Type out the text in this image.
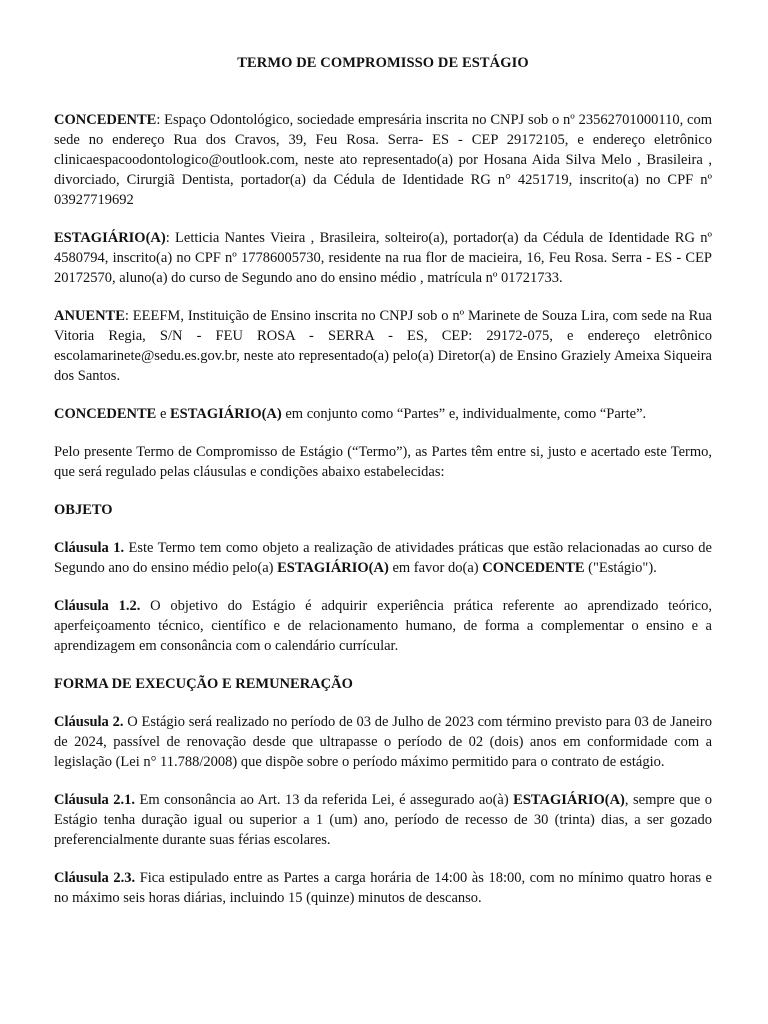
TERMO DE COMPROMISSO DE ESTÁGIO

CONCEDENTE: Espaço Odontológico, sociedade empresária inscrita no CNPJ sob o nº 23562701000110, com sede no endereço Rua dos Cravos, 39, Feu Rosa. Serra- ES - CEP 29172105, e endereço eletrônico clinicaespacoodontologico@outlook.com, neste ato representado(a) por Hosana Aida Silva Melo , Brasileira , divorciado, Cirurgiã Dentista, portador(a) da Cédula de Identidade RG n° 4251719, inscrito(a) no CPF nº 03927719692

ESTAGIÁRIO(A): Letticia Nantes Vieira , Brasileira, solteiro(a), portador(a) da Cédula de Identidade RG nº 4580794, inscrito(a) no CPF nº 17786005730, residente na rua flor de macieira, 16, Feu Rosa. Serra - ES - CEP 20172570, aluno(a) do curso de Segundo ano do ensino médio , matrícula nº 01721733.

ANUENTE: EEEFM, Instituição de Ensino inscrita no CNPJ sob o nº Marinete de Souza Lira, com sede na Rua Vitoria Regia, S/N - FEU ROSA - SERRA - ES, CEP: 29172-075, e endereço eletrônico escolamarinete@sedu.es.gov.br, neste ato representado(a) pelo(a) Diretor(a) de Ensino Graziely Ameixa Siqueira dos Santos.

CONCEDENTE e ESTAGIÁRIO(A) em conjunto como “Partes” e, individualmente, como “Parte”.

Pelo presente Termo de Compromisso de Estágio (“Termo”), as Partes têm entre si, justo e acertado este Termo, que será regulado pelas cláusulas e condições abaixo estabelecidas:

OBJETO

Cláusula 1. Este Termo tem como objeto a realização de atividades práticas que estão relacionadas ao curso de Segundo ano do ensino médio pelo(a) ESTAGIÁRIO(A) em favor do(a) CONCEDENTE ("Estágio").

Cláusula 1.2. O objetivo do Estágio é adquirir experiência prática referente ao aprendizado teórico, aperfeiçoamento técnico, científico e de relacionamento humano, de forma a complementar o ensino e a aprendizagem em consonância com o calendário currícular.

FORMA DE EXECUÇÃO E REMUNERAÇÃO

Cláusula 2. O Estágio será realizado no período de 03 de Julho de 2023 com término previsto para 03 de Janeiro de 2024, passível de renovação desde que ultrapasse o período de 02 (dois) anos em conformidade com a legislação (Lei n° 11.788/2008) que dispõe sobre o período máximo permitido para o contrato de estágio.

Cláusula 2.1. Em consonância ao Art. 13 da referida Lei, é assegurado ao(à) ESTAGIÁRIO(A), sempre que o Estágio tenha duração igual ou superior a 1 (um) ano, período de recesso de 30 (trinta) dias, a ser gozado preferencialmente durante suas férias escolares.

Cláusula 2.3. Fica estipulado entre as Partes a carga horária de 14:00 às 18:00, com no mínimo quatro horas e no máximo seis horas diárias, incluindo 15 (quinze) minutos de descanso.
